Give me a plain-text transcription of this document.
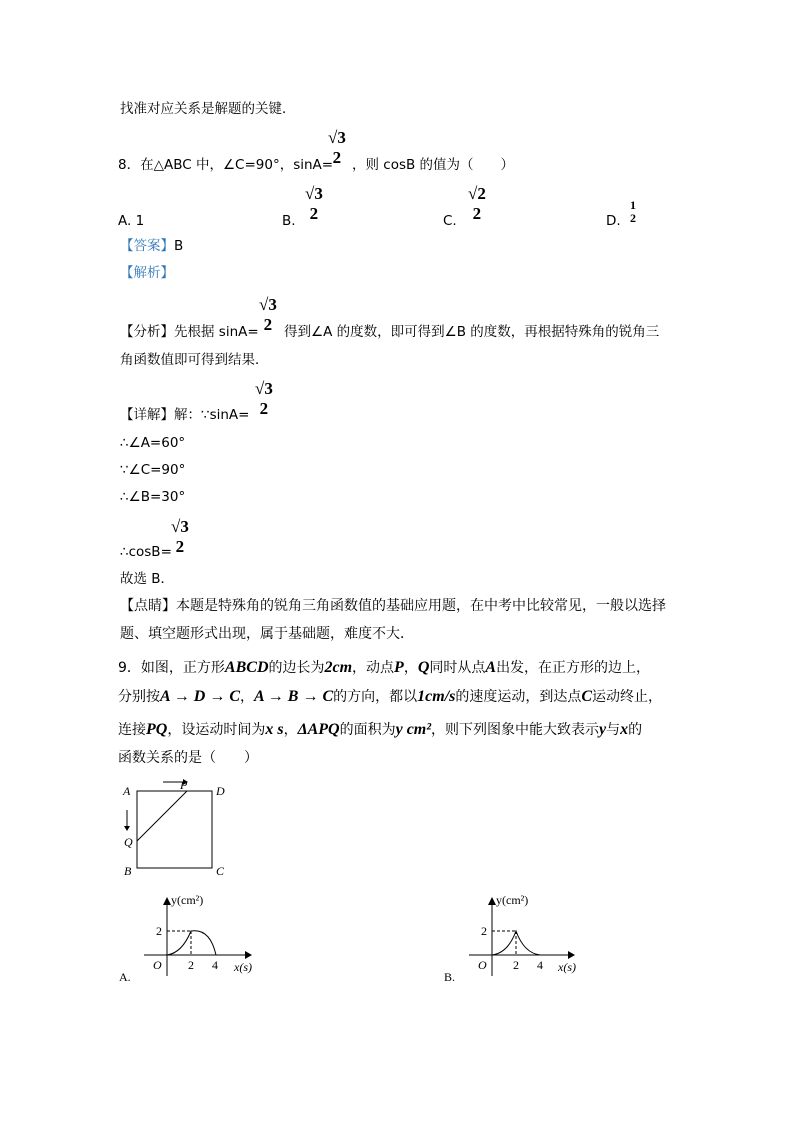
找准对应关系是解题的关键．
8．在△ABC 中，∠C=90°，sinA=
√3
2 ，则 cosB 的值为（　　）
A. 1	B.
√3
2	C.
√2
2	D.
1
2
【答案】B
【解析】
【分析】先根据 sinA=
√3
2 得到∠A 的度数，即可得到∠B 的度数，再根据特殊角的锐角三
角函数值即可得到结果．
【详解】解：∵sinA=
√3
2
∴∠A=60°
∵∠C=90°
∴∠B=30°
∴cosB=
√3
2
故选 B．
【点睛】本题是特殊角的锐角三角函数值的基础应用题，在中考中比较常见，一般以选择
题、填空题形式出现，属于基础题，难度不大．
9．如图，正方形ABCD的边长为2cm，动点P，Q同时从点A出发，在正方形的边上，
分别按A → D → C，A → B → C的方向，都以1cm/s的速度运动，到达点C运动终止，
连接PQ，设运动时间为x s，ΔAPQ的面积为y cm²，则下列图象中能大致表示y与x的
函数关系的是（　　）
A	D
B	C
P
Q
y(cm²)
2
2 4
O	x(s)
A.
y(cm²)
2
2 4
O	x(s)
B.
